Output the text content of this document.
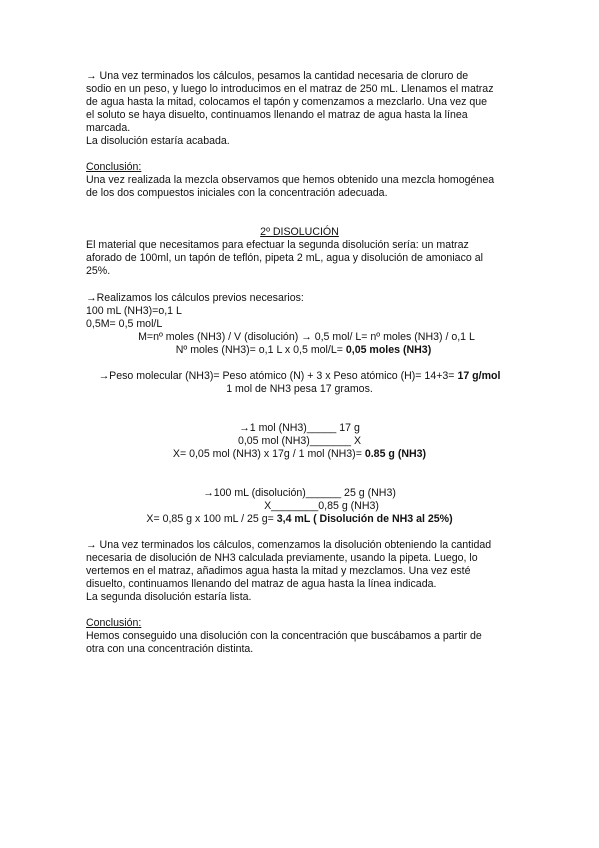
→ Una vez terminados los cálculos, pesamos la cantidad necesaria de cloruro de
sodio en un peso, y luego lo introducimos en el matraz de 250 mL. Llenamos el matraz
de agua hasta la mitad, colocamos el tapón y comenzamos a mezclarlo. Una vez que
el soluto se haya disuelto, continuamos llenando el matraz de agua hasta la línea
marcada.
La disolución estaría acabada.
Conclusión:
Una vez realizada la mezcla observamos que hemos obtenido una mezcla homogénea
de los dos compuestos iniciales con la concentración adecuada.
2º DISOLUCIÓN
El material que necesitamos para efectuar la segunda disolución sería: un matraz
aforado de 100ml, un tapón de teflón, pipeta 2 mL, agua y disolución de amoniaco al
25%.
→Realizamos los cálculos previos necesarios:
100 mL (NH3)=o,1 L
0,5M= 0,5 mol/L
M=nº moles (NH3) / V (disolución) → 0,5 mol/ L= nº moles (NH3) / o,1 L
Nº moles (NH3)= o,1 L x 0,5 mol/L= 0,05 moles (NH3)
→Peso molecular (NH3)= Peso atómico (N) + 3 x Peso atómico (H)= 14+3= 17 g/mol
1 mol de NH3 pesa 17 gramos.
→1 mol (NH3)_____ 17 g
0,05 mol (NH3)_______ X
X= 0,05 mol (NH3) x 17g / 1 mol (NH3)= 0.85 g (NH3)
→100 mL (disolución)______ 25 g (NH3)
X________0,85 g (NH3)
X= 0,85 g x 100 mL / 25 g= 3,4 mL ( Disolución de NH3 al 25%)
→ Una vez terminados los cálculos, comenzamos la disolución obteniendo la cantidad
necesaria de disolución de NH3 calculada previamente, usando la pipeta. Luego, lo
vertemos en el matraz, añadimos agua hasta la mitad y mezclamos. Una vez esté
disuelto, continuamos llenando del matraz de agua hasta la línea indicada.
La segunda disolución estaría lista.
Conclusión:
Hemos conseguido una disolución con la concentración que buscábamos a partir de
otra con una concentración distinta.
